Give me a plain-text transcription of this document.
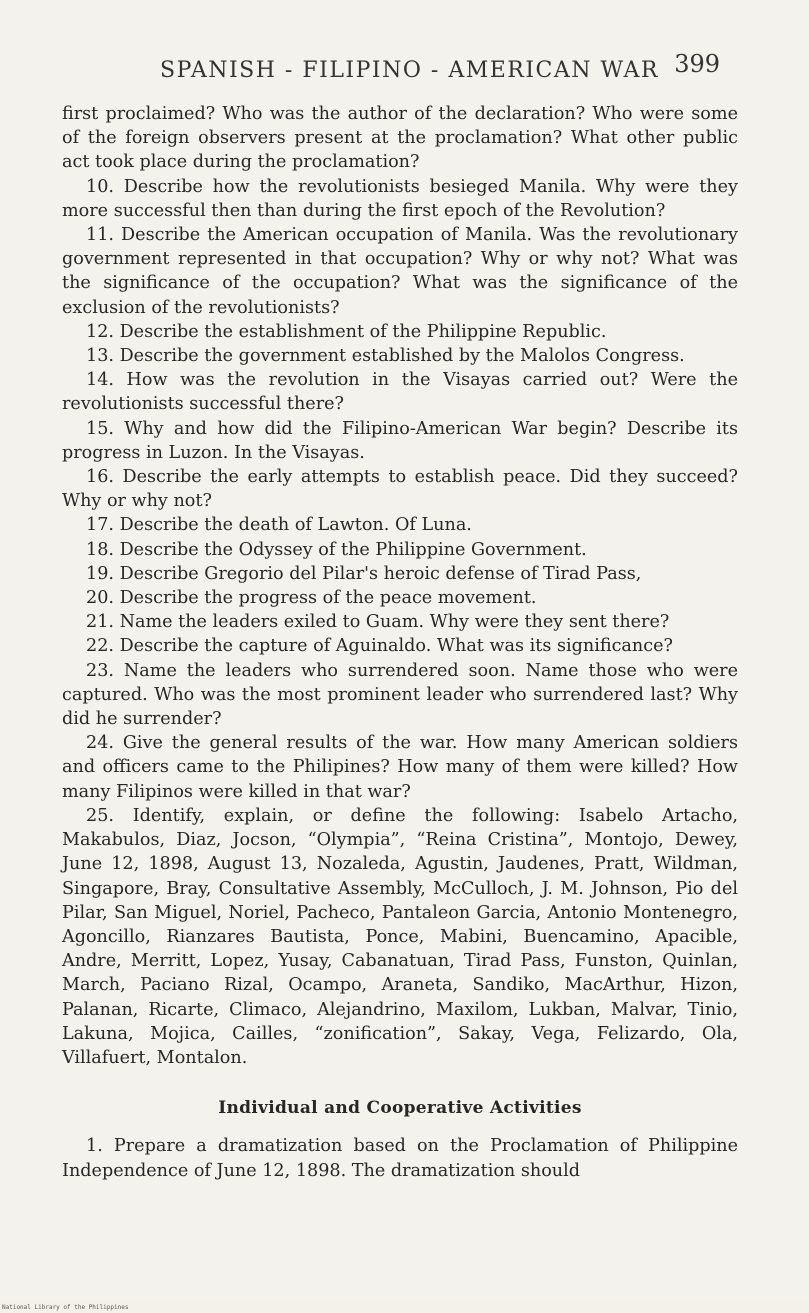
SPANISH - FILIPINO - AMERICAN WAR 399

first proclaimed? Who was the author of the declaration? Who were some of the foreign observers present at the proclamation? What other public act took place during the proclamation?

10. Describe how the revolutionists besieged Manila. Why were they more successful then than during the first epoch of the Revolution?

11. Describe the American occupation of Manila. Was the revolutionary government represented in that occupation? Why or why not? What was the significance of the occupation? What was the significance of the exclusion of the revolutionists?

12. Describe the establishment of the Philippine Republic.

13. Describe the government established by the Malolos Congress.

14. How was the revolution in the Visayas carried out? Were the revolutionists successful there?

15. Why and how did the Filipino-American War begin? Describe its progress in Luzon. In the Visayas.

16. Describe the early attempts to establish peace. Did they succeed? Why or why not?

17. Describe the death of Lawton. Of Luna.

18. Describe the Odyssey of the Philippine Government.

19. Describe Gregorio del Pilar's heroic defense of Tirad Pass,

20. Describe the progress of the peace movement.

21. Name the leaders exiled to Guam. Why were they sent there?

22. Describe the capture of Aguinaldo. What was its significance?

23. Name the leaders who surrendered soon. Name those who were captured. Who was the most prominent leader who surrendered last? Why did he surrender?

24. Give the general results of the war. How many American soldiers and officers came to the Philipines? How many of them were killed? How many Filipinos were killed in that war?

25. Identify, explain, or define the following: Isabelo Artacho, Makabulos, Diaz, Jocson, “Olympia”, “Reina Cristina”, Montojo, Dewey, June 12, 1898, August 13, Nozaleda, Agustin, Jaudenes, Pratt, Wildman, Singapore, Bray, Consultative Assembly, McCulloch, J. M. Johnson, Pio del Pilar, San Miguel, Noriel, Pacheco, Pantaleon Garcia, Antonio Montenegro, Agoncillo, Rianzares Bautista, Ponce, Mabini, Buencamino, Apacible, Andre, Merritt, Lopez, Yusay, Cabanatuan, Tirad Pass, Funston, Quinlan, March, Paciano Rizal, Ocampo, Araneta, Sandiko, MacArthur, Hizon, Palanan, Ricarte, Climaco, Alejandrino, Maxilom, Lukban, Malvar, Tinio, Lakuna, Mojica, Cailles, “zonification”, Sakay, Vega, Felizardo, Ola, Villafuert, Montalon.

Individual and Cooperative Activities

1. Prepare a dramatization based on the Proclamation of Philippine Independence of June 12, 1898. The dramatization should

National Library of the Philippines
